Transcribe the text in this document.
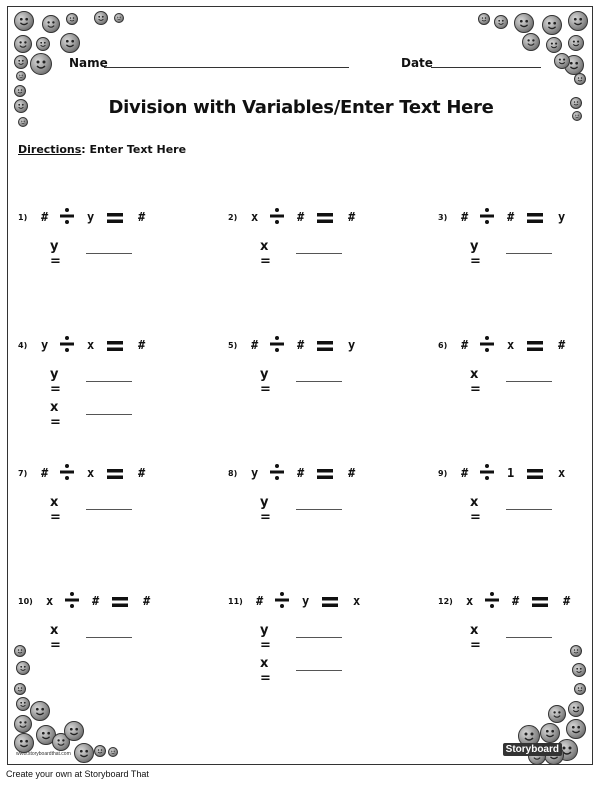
Name	Date
Division with Variables/Enter Text Here
Directions: Enter Text Here
1) #	y	#
y =
2) x	#	#
x =
3) #	#	y
y =
4) y	x	#
y =
x =
5) #	#	y
y =
6) #	x	#
x =
7) #	x	#
x =
8) y	#	#
y =
9) #	1	x
x =
10) x	#	#
x =
11) #	y	x
y =
x =
12) x	#	#
x =
www.storyboardthat.com	Storyboard
Create your own at Storyboard That
